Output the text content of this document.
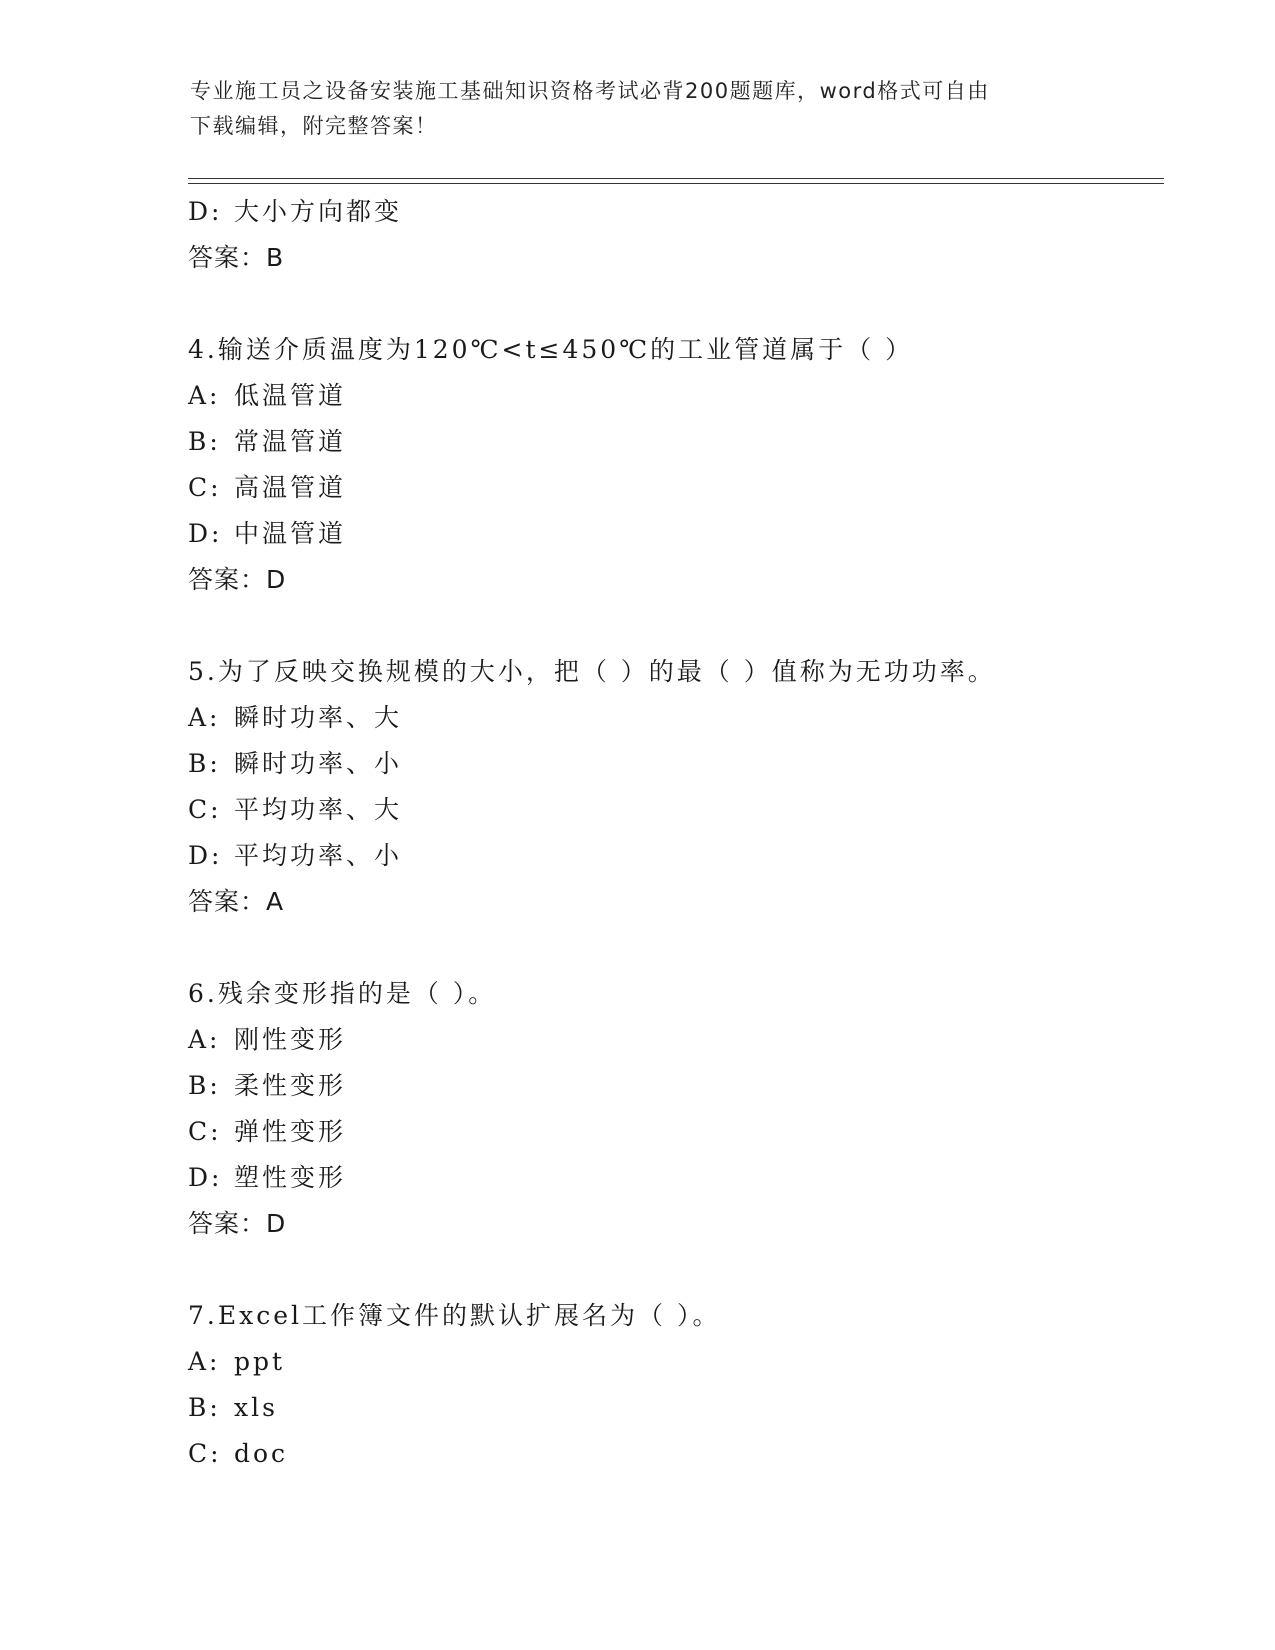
专业施工员之设备安装施工基础知识资格考试必背200题题库，word格式可自由
下载编辑，附完整答案！
D: 大小方向都变
答案：B
4.输送介质温度为120℃<t≤450℃的工业管道属于（ ）
A: 低温管道
B: 常温管道
C: 高温管道
D: 中温管道
答案：D
5.为了反映交换规模的大小，把（ ）的最（ ）值称为无功功率。
A: 瞬时功率、大
B: 瞬时功率、小
C: 平均功率、大
D: 平均功率、小
答案：A
6.残余变形指的是（ ）。
A: 刚性变形
B: 柔性变形
C: 弹性变形
D: 塑性变形
答案：D
7.Excel工作簿文件的默认扩展名为（ ）。
A: ppt
B: xls
C: doc
